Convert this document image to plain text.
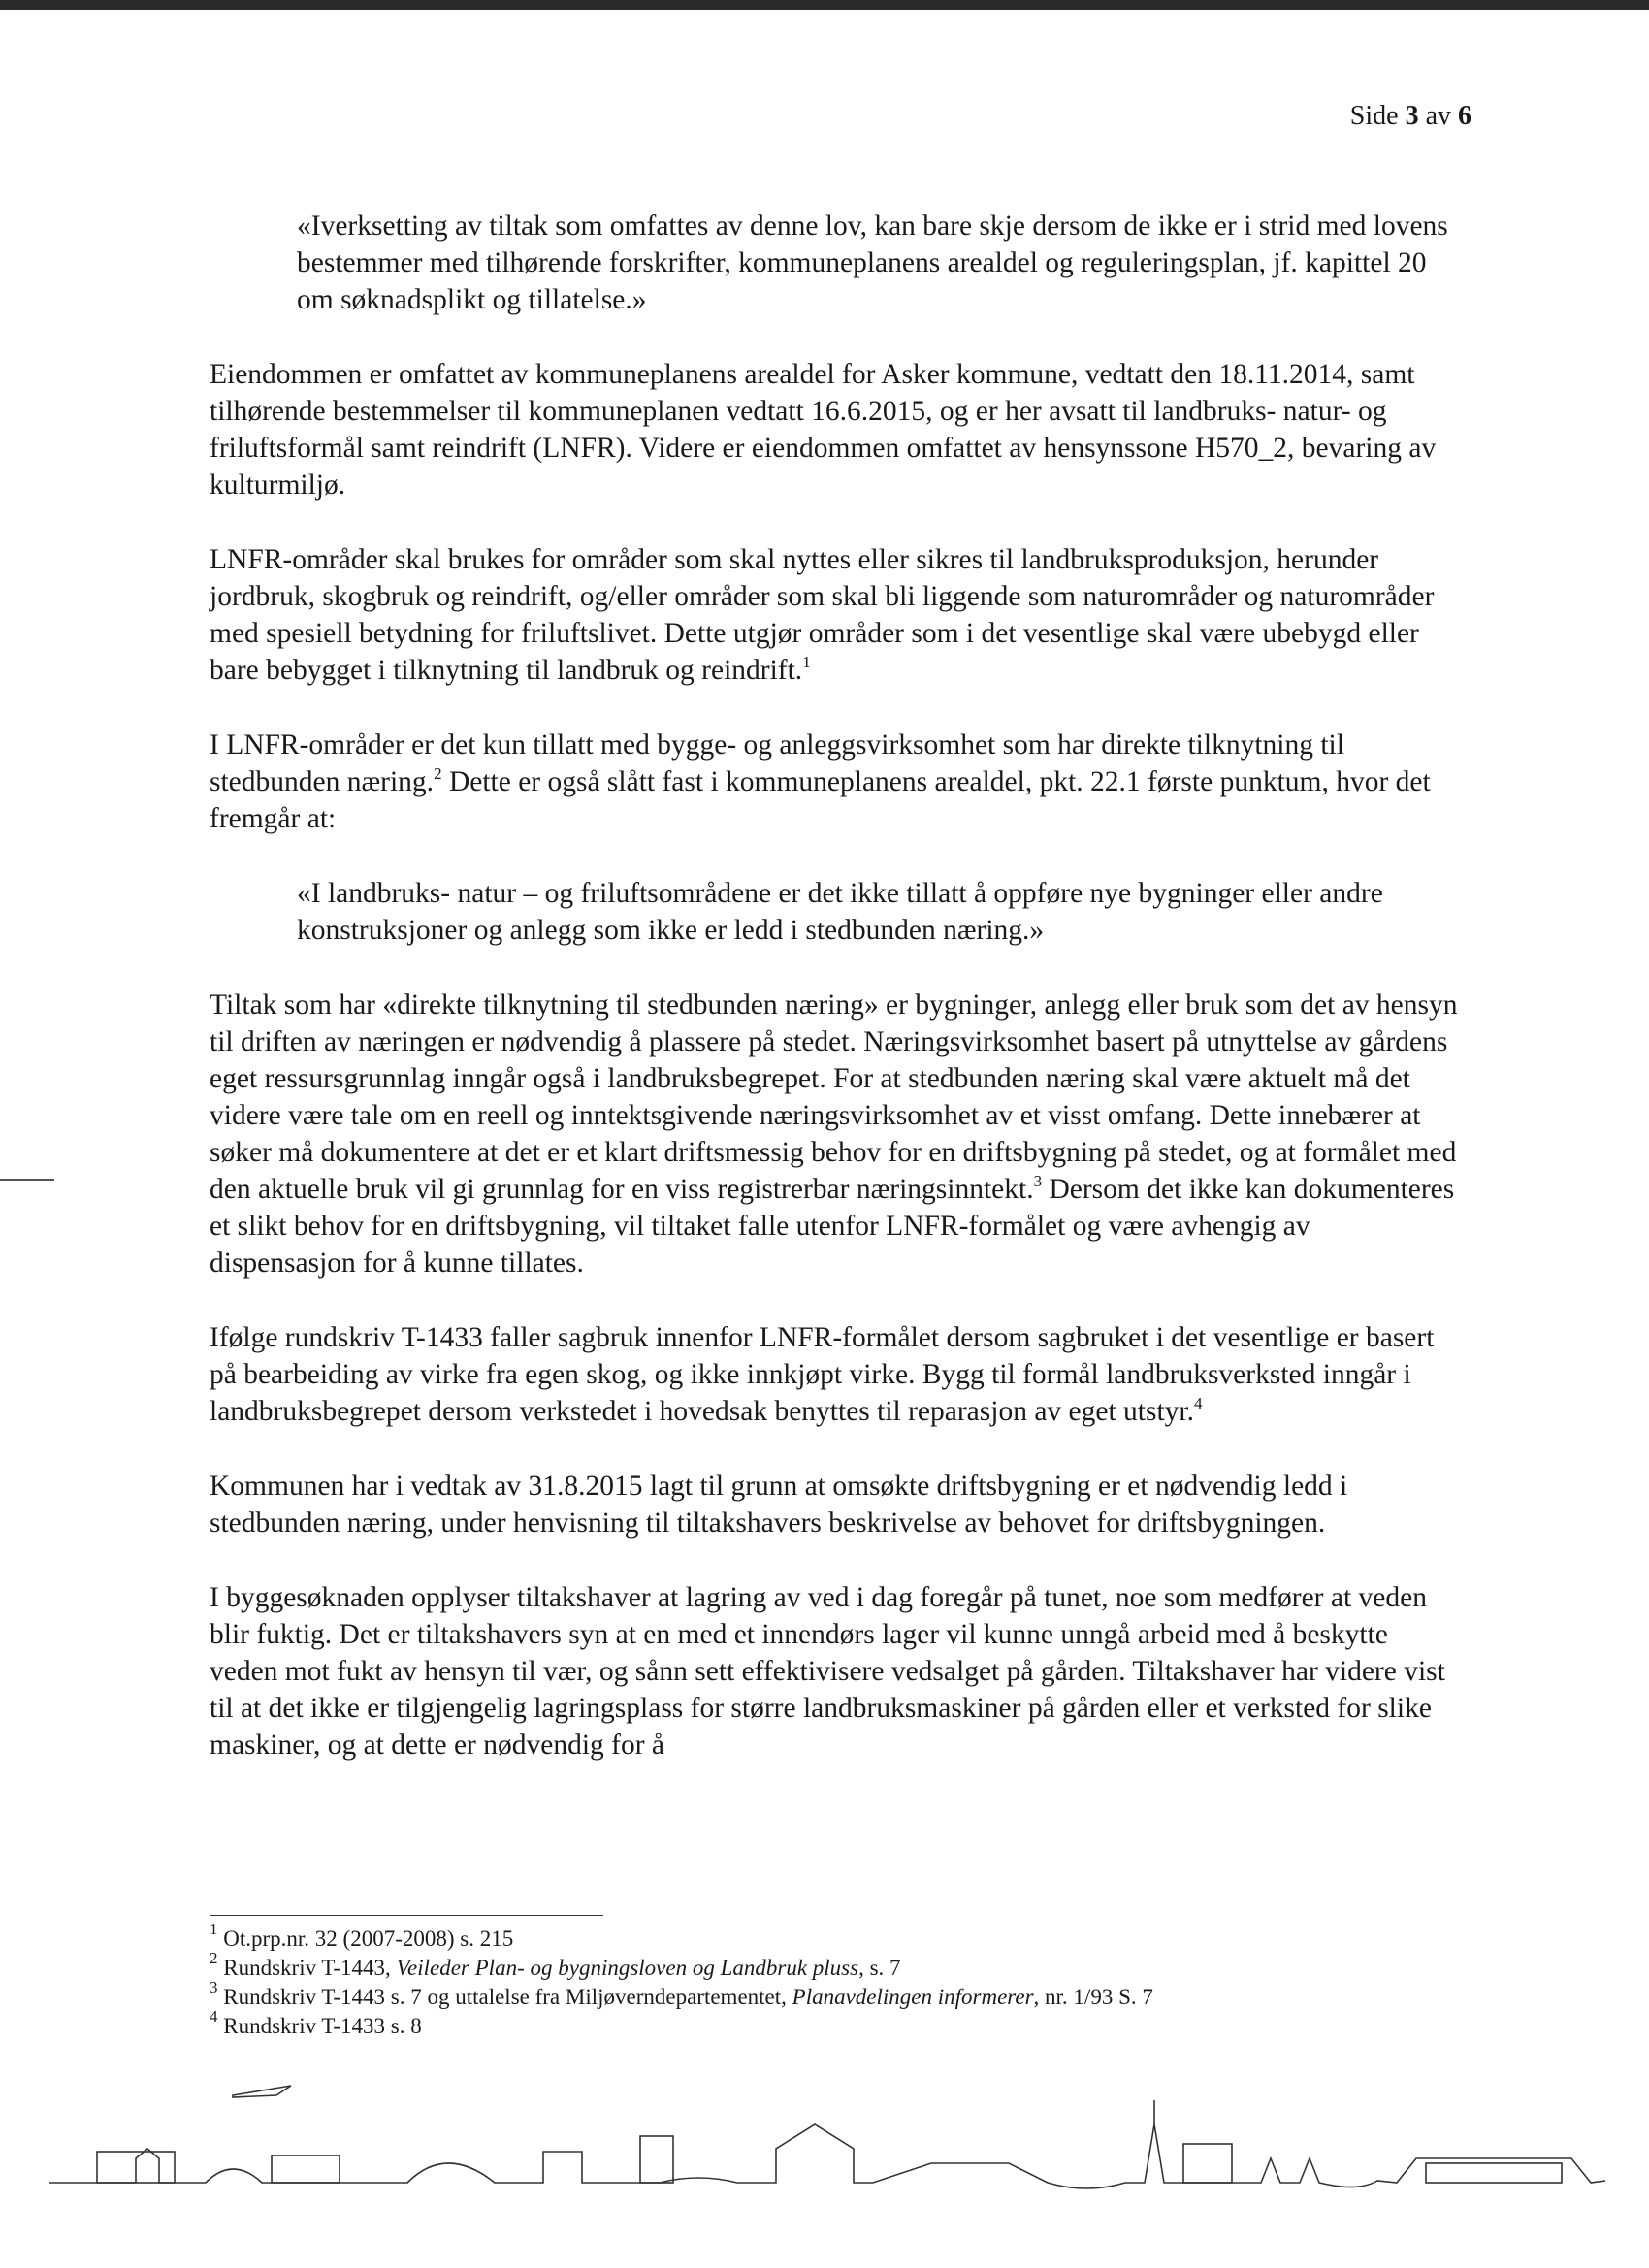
Side 3 av 6

«Iverksetting av tiltak som omfattes av denne lov, kan bare skje dersom de ikke er i strid med lovens bestemmer med tilhørende forskrifter, kommuneplanens arealdel og reguleringsplan, jf. kapittel 20 om søknadsplikt og tillatelse.»

Eiendommen er omfattet av kommuneplanens arealdel for Asker kommune, vedtatt den 18.11.2014, samt tilhørende bestemmelser til kommuneplanen vedtatt 16.6.2015, og er her avsatt til landbruks- natur- og friluftsformål samt reindrift (LNFR). Videre er eiendommen omfattet av hensynssone H570_2, bevaring av kulturmiljø.

LNFR-områder skal brukes for områder som skal nyttes eller sikres til landbruksproduksjon, herunder jordbruk, skogbruk og reindrift, og/eller områder som skal bli liggende som naturområder og naturområder med spesiell betydning for friluftslivet. Dette utgjør områder som i det vesentlige skal være ubebygd eller bare bebygget i tilknytning til landbruk og reindrift.$^1$

I LNFR-områder er det kun tillatt med bygge- og anleggsvirksomhet som har direkte tilknytning til stedbunden næring.$^2$ Dette er også slått fast i kommuneplanens arealdel, pkt. 22.1 første punktum, hvor det fremgår at:

«I landbruks- natur – og friluftsområdene er det ikke tillatt å oppføre nye bygninger eller andre konstruksjoner og anlegg som ikke er ledd i stedbunden næring.»

Tiltak som har «direkte tilknytning til stedbunden næring» er bygninger, anlegg eller bruk som det av hensyn til driften av næringen er nødvendig å plassere på stedet. Næringsvirksomhet basert på utnyttelse av gårdens eget ressursgrunnlag inngår også i landbruksbegrepet. For at stedbunden næring skal være aktuelt må det videre være tale om en reell og inntektsgivende næringsvirksomhet av et visst omfang. Dette innebærer at søker må dokumentere at det er et klart driftsmessig behov for en driftsbygning på stedet, og at formålet med den aktuelle bruk vil gi grunnlag for en viss registrerbar næringsinntekt.$^3$ Dersom det ikke kan dokumenteres et slikt behov for en driftsbygning, vil tiltaket falle utenfor LNFR-formålet og være avhengig av dispensasjon for å kunne tillates.

Ifølge rundskriv T-1433 faller sagbruk innenfor LNFR-formålet dersom sagbruket i det vesentlige er basert på bearbeiding av virke fra egen skog, og ikke innkjøpt virke. Bygg til formål landbruksverksted inngår i landbruksbegrepet dersom verkstedet i hovedsak benyttes til reparasjon av eget utstyr.$^4$

Kommunen har i vedtak av 31.8.2015 lagt til grunn at omsøkte driftsbygning er et nødvendig ledd i stedbunden næring, under henvisning til tiltakshavers beskrivelse av behovet for driftsbygningen.

I byggesøknaden opplyser tiltakshaver at lagring av ved i dag foregår på tunet, noe som medfører at veden blir fuktig. Det er tiltakshavers syn at en med et innendørs lager vil kunne unngå arbeid med å beskytte veden mot fukt av hensyn til vær, og sånn sett effektivisere vedsalget på gården. Tiltakshaver har videre vist til at det ikke er tilgjengelig lagringsplass for større landbruksmaskiner på gården eller et verksted for slike maskiner, og at dette er nødvendig for å

$^1$ Ot.prp.nr. 32 (2007-2008) s. 215
$^2$ Rundskriv T-1443, Veileder Plan- og bygningsloven og Landbruk pluss, s. 7
$^3$ Rundskriv T-1443 s. 7 og uttalelse fra Miljøverndepartementet, Planavdelingen informerer, nr. 1/93 S. 7
$^4$ Rundskriv T-1433 s. 8
